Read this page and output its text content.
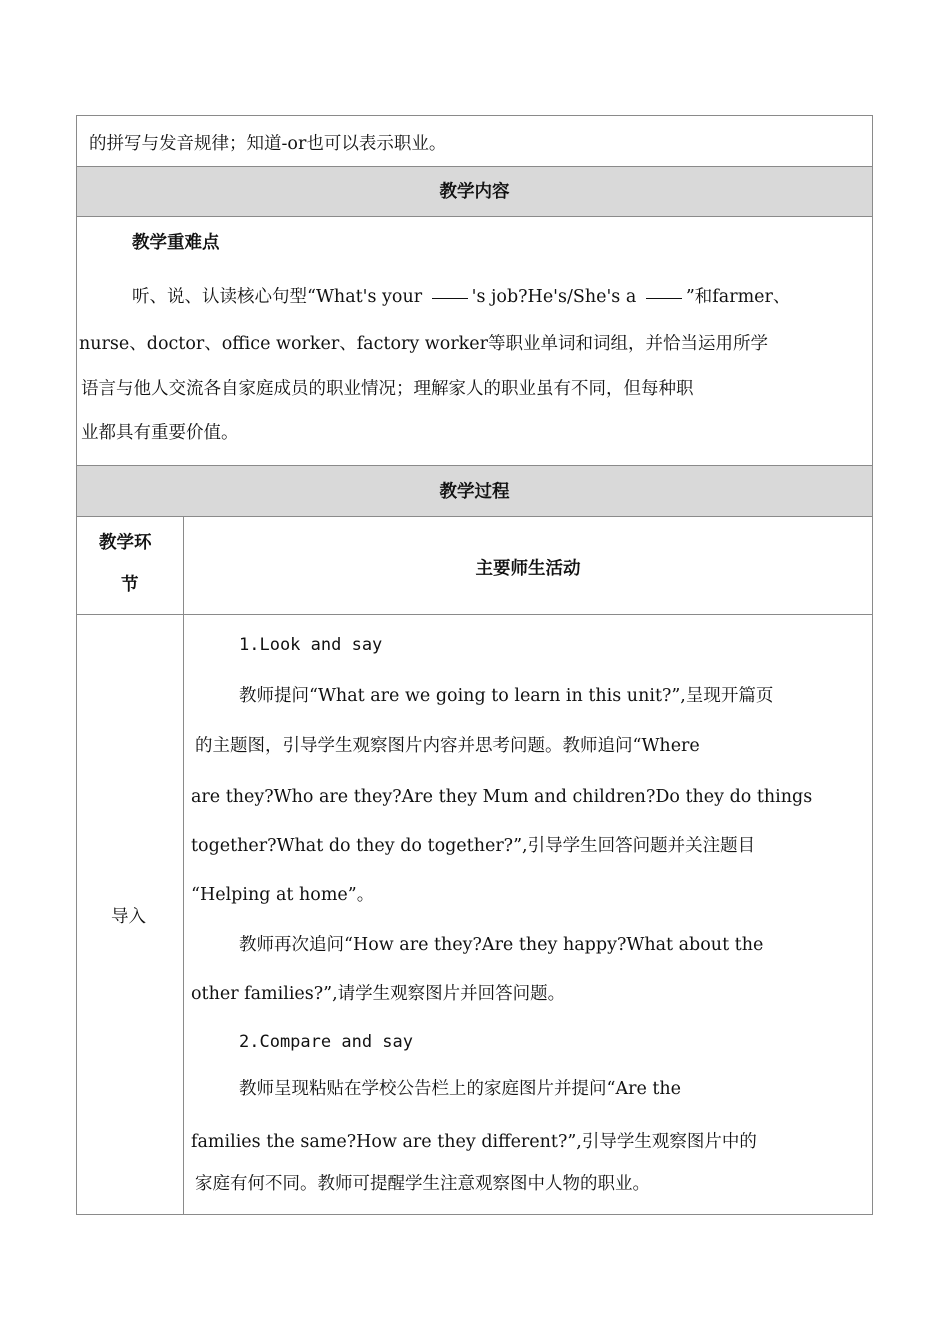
的拼写与发音规律；知道-or也可以表示职业。
教学内容
教学重难点
听、说、认读核心句型“What's your	's job?He's/She's a	”和farmer、
nurse、doctor、office worker、factory worker等职业单词和词组，并恰当运用所学
语言与他人交流各自家庭成员的职业情况；理解家人的职业虽有不同，但每种职
业都具有重要价值。
教学过程
教学环
节
主要师生活动
导入
1.Look and say
教师提问“What are we going to learn in this unit?”,呈现开篇页
的主题图，引导学生观察图片内容并思考问题。教师追问“Where
are they?Who are they?Are they Mum and children?Do they do things
together?What do they do together?”,引导学生回答问题并关注题目
“Helping at home”。
教师再次追问“How are they?Are they happy?What about the
other families?”,请学生观察图片并回答问题。
2.Compare and say
教师呈现粘贴在学校公告栏上的家庭图片并提问“Are the
families the same?How are they different?”,引导学生观察图片中的
家庭有何不同。教师可提醒学生注意观察图中人物的职业。
